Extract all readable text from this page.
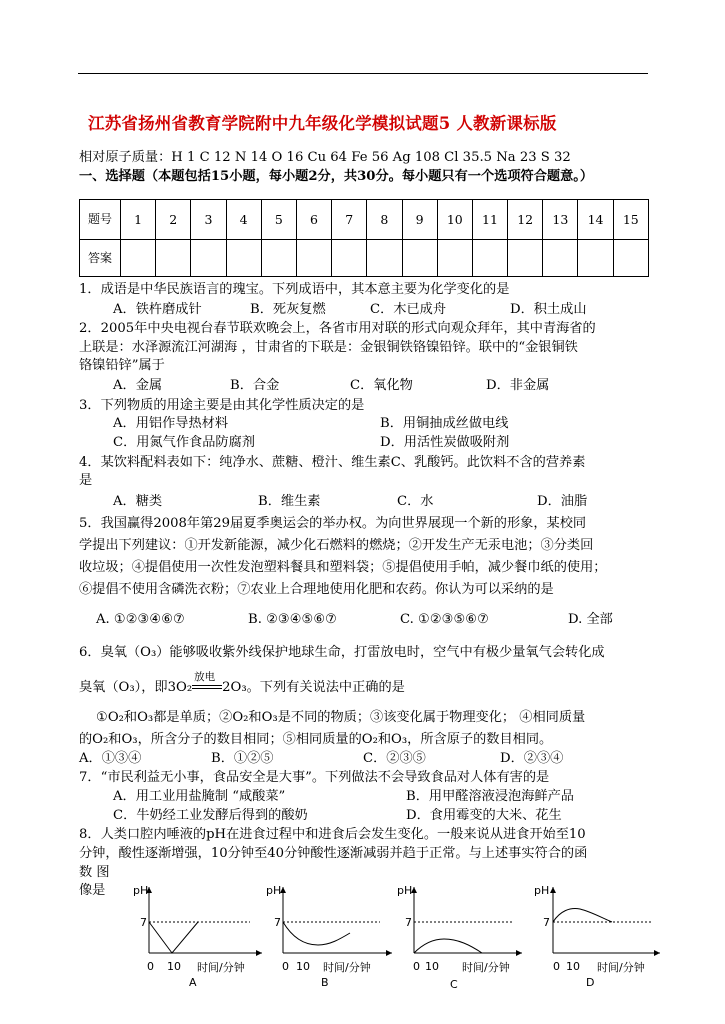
江苏省扬州省教育学院附中九年级化学模拟试题5 人教新课标版
相对原子质量：H 1 C 12 N 14 O 16 Cu 64 Fe 56 Ag 108 Cl 35.5 Na 23 S 32
一、选择题（本题包括15小题，每小题2分，共30分。每小题只有一个选项符合题意。）
题号	1	2	3	4	5	6	7	8	9	10	11	12	13	14	15
答案															
1．成语是中华民族语言的瑰宝。下列成语中，其本意主要为化学变化的是
A．铁杵磨成针	B．死灰复燃	C．木已成舟	D．积土成山
2．2005年中央电视台春节联欢晚会上，各省市用对联的形式向观众拜年，其中青海省的
上联是：水泽源流江河湖海 ，甘肃省的下联是：金银铜铁铬镍铅锌。联中的“金银铜铁
铬镍铅锌”属于
A．金属	B．合金	C．氧化物	D．非金属
3．下列物质的用途主要是由其化学性质决定的是
A．用铝作导热材料	B．用铜抽成丝做电线
C．用氮气作食品防腐剂	D．用活性炭做吸附剂
4．某饮料配料表如下：纯净水、蔗糖、橙汁、维生素C、乳酸钙。此饮料不含的营养素
是
A．糖类	B．维生素	C．水	D．油脂
5．我国赢得2008年第29届夏季奥运会的举办权。为向世界展现一个新的形象，某校同
学提出下列建议：①开发新能源，减少化石燃料的燃烧；②开发生产无汞电池；③分类回
收垃圾；④提倡使用一次性发泡塑料餐具和塑料袋；⑤提倡使用手帕，减少餐巾纸的使用；
⑥提倡不使用含磷洗衣粉；⑦农业上合理地使用化肥和农药。你认为可以采纳的是
A. ①②③④⑥⑦	B. ②③④⑤⑥⑦	C. ①②③⑤⑥⑦	D. 全部
6．臭氧（O₃）能够吸收紫外线保护地球生命，打雷放电时，空气中有极少量氧气会转化成
臭氧（O₃），即3O₂
放电
2O₃。下列有关说法中正确的是
①O₂和O₃都是单质；②O₂和O₃是不同的物质；③该变化属于物理变化； ④相同质量
的O₂和O₃，所含分子的数目相同；⑤相同质量的O₂和O₃，所含原子的数目相同。
A．①③④	B．①②⑤	C．②③⑤	D．②③④
7．“市民利益无小事，食品安全是大事”。下列做法不会导致食品对人体有害的是
A．用工业用盐腌制 “咸酸菜”	B．用甲醛溶液浸泡海鲜产品
C．牛奶经工业发酵后得到的酸奶	D．食用霉变的大米、花生
8．人类口腔内唾液的pH在进食过程中和进食后会发生变化。一般来说从进食开始至10
分钟，酸性逐渐增强，10分钟至40分钟酸性逐渐减弱并趋于正常。与上述事实符合的函
数 图
像是	pH
7
0 10 时间/分钟
A
pH
7
0 10 时间/分钟
B
pH
7
0 10 时间/分钟
C
pH
7
0 10 时间/分钟
D
